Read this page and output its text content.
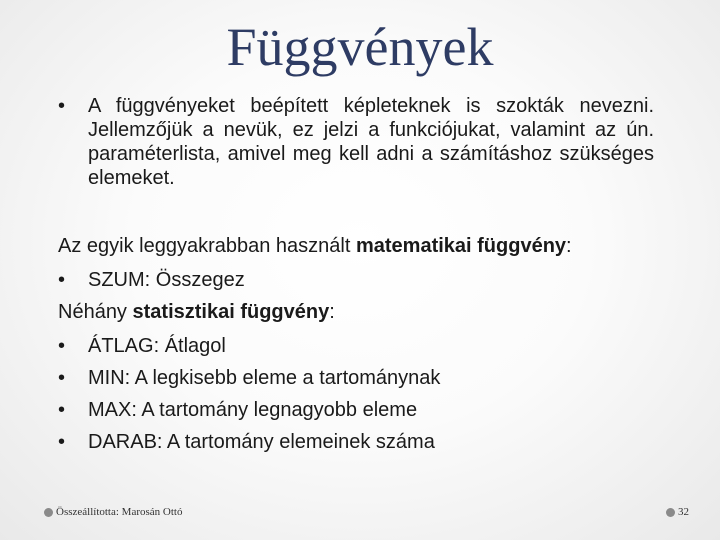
Függvények
• A függvényeket beépített képleteknek is szokták nevezni. Jellemzőjük a nevük, ez jelzi a funkciójukat, valamint az ún. paraméterlista, amivel meg kell adni a számításhoz szükséges elemeket.
Az egyik leggyakrabban használt matematikai függvény:
• SZUM: Összegez
Néhány statisztikai függvény:
• ÁTLAG: Átlagol
• MIN: A legkisebb eleme a tartománynak
• MAX: A tartomány legnagyobb eleme
• DARAB: A tartomány elemeinek száma
Összeállította: Marosán Ottó	32
